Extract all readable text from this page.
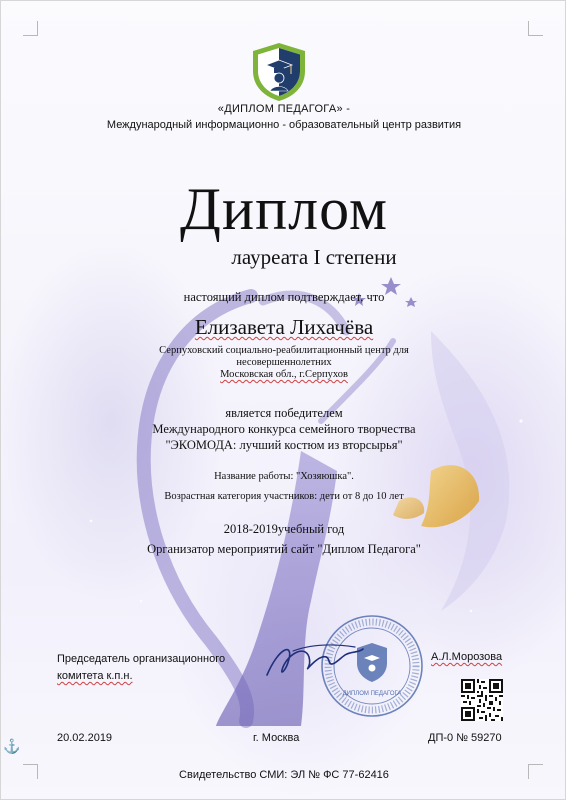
«ДИПЛОМ ПЕДАГОГА» -
Международный информационно - образовательный центр развития
Диплом
лауреата I степени
настоящий диплом подтверждает, что
Елизавета Лихачёва
Серпуховский социально-реабилитационный центр для
несовершеннолетних
Московская обл., г.Серпухов
является победителем
Международного конкурса семейного творчества
"ЭКОМОДА: лучший костюм из вторсырья"
Название работы: "Хозяюшка".
Возрастная категория участников: дети от 8 до 10 лет
2018-2019учебный год
Организатор мероприятий сайт "Диплом Педагога"
Председатель организационного
комитета к.п.н.
ДИПЛОМ ПЕДАГОГА
А.Л.Морозова
20.02.2019	г. Москва	ДП-0 № 59270
Свидетельство СМИ: ЭЛ № ФС 77-62416
⚓
